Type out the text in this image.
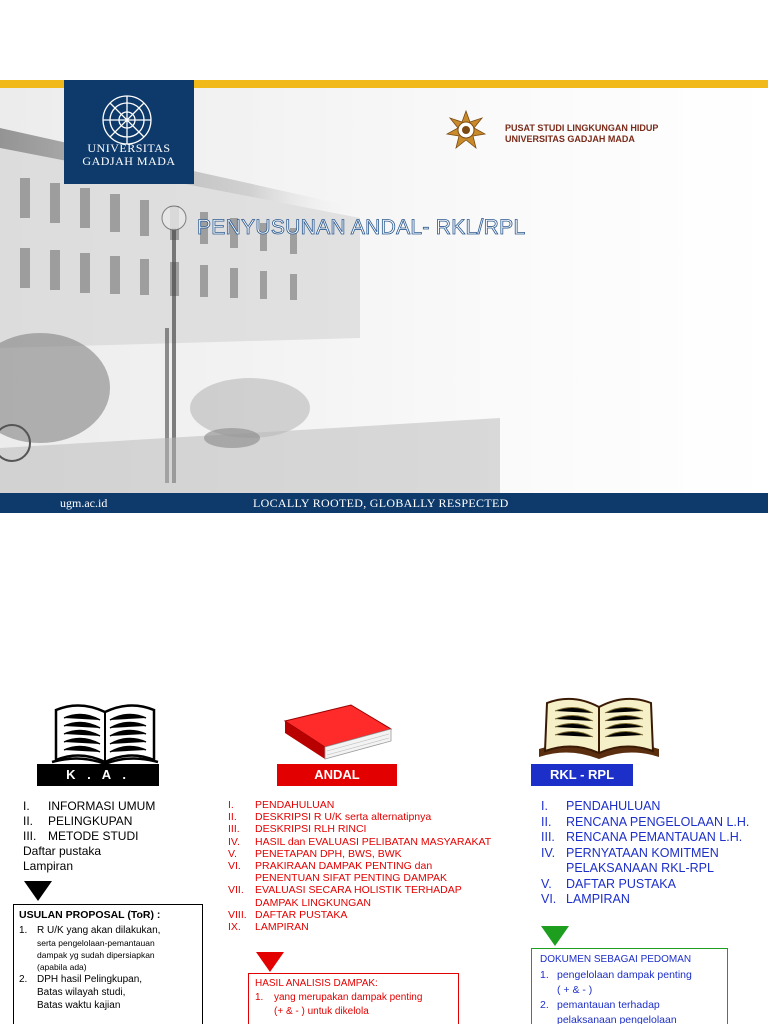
UNIVERSITAS
GADJAH MADA
PUSAT STUDI LINGKUNGAN HIDUP
UNIVERSITAS GADJAH MADA
PENYUSUNAN ANDAL- RKL/RPL
ugm.ac.id	LOCALLY ROOTED, GLOBALLY RESPECTED
K . A .	ANDAL	RKL - RPL
I. INFORMASI UMUM
II. PELINGKUPAN
III. METODE STUDI
Daftar pustaka
Lampiran
I. PENDAHULUAN
II. DESKRIPSI R U/K serta alternatipnya
III. DESKRIPSI RLH RINCI
IV. HASIL dan EVALUASI PELIBATAN MASYARAKAT
V. PENETAPAN DPH, BWS, BWK
VI. PRAKIRAAN DAMPAK PENTING dan
PENENTUAN SIFAT PENTING DAMPAK
VII. EVALUASI SECARA HOLISTIK TERHADAP
DAMPAK LINGKUNGAN
VIII. DAFTAR PUSTAKA
IX. LAMPIRAN
I. PENDAHULUAN
II. RENCANA PENGELOLAAN L.H.
III. RENCANA PEMANTAUAN L.H.
IV. PERNYATAAN KOMITMEN
PELAKSANAAN RKL-RPL
V. DAFTAR PUSTAKA
VI. LAMPIRAN
USULAN PROPOSAL (ToR) :
1. R U/K yang akan dilakukan,
serta pengelolaan-pemantauan
dampak yg sudah dipersiapkan
(apabila ada)
2. DPH hasil Pelingkupan,
Batas wilayah studi,
Batas waktu kajian
HASIL ANALISIS DAMPAK:
1.	yang merupakan dampak penting
(+ & - ) untuk dikelola
DOKUMEN SEBAGAI PEDOMAN
1. pengelolaan dampak penting
( + & - )
2. pemantauan terhadap
pelaksanaan pengelolaan
